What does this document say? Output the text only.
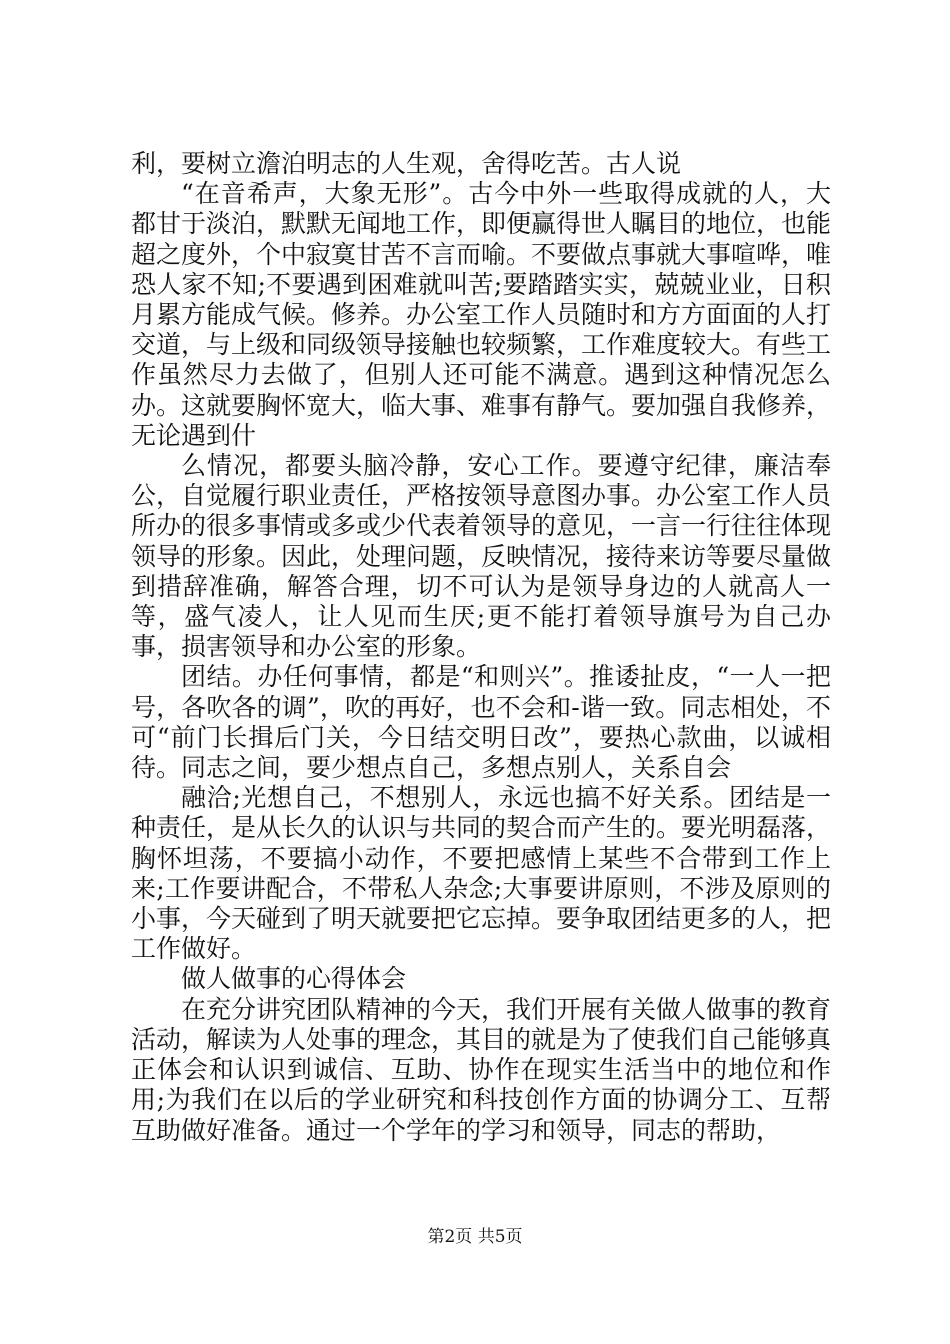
利，要树立澹泊明志的人生观，舍得吃苦。古人说

“在音希声，大象无形”。古今中外一些取得成就的人，大都甘于淡泊，默默无闻地工作，即便赢得世人瞩目的地位，也能超之度外，个中寂寞甘苦不言而喻。不要做点事就大事喧哗，唯恐人家不知;不要遇到困难就叫苦;要踏踏实实，兢兢业业，日积月累方能成气候。修养。办公室工作人员随时和方方面面的人打交道，与上级和同级领导接触也较频繁，工作难度较大。有些工作虽然尽力去做了，但别人还可能不满意。遇到这种情况怎么办。这就要胸怀宽大，临大事、难事有静气。要加强自我修养，无论遇到什

么情况，都要头脑冷静，安心工作。要遵守纪律，廉洁奉公，自觉履行职业责任，严格按领导意图办事。办公室工作人员所办的很多事情或多或少代表着领导的意见，一言一行往往体现领导的形象。因此，处理问题，反映情况，接待来访等要尽量做到措辞准确，解答合理，切不可认为是领导身边的人就高人一等，盛气凌人，让人见而生厌;更不能打着领导旗号为自己办事，损害领导和办公室的形象。

团结。办任何事情，都是“和则兴”。推诿扯皮，“一人一把号，各吹各的调”，吹的再好，也不会和-谐一致。同志相处，不可“前门长揖后门关，今日结交明日改”，要热心款曲，以诚相待。同志之间，要少想点自己，多想点别人，关系自会

融洽;光想自己，不想别人，永远也搞不好关系。团结是一种责任，是从长久的认识与共同的契合而产生的。要光明磊落，胸怀坦荡，不要搞小动作，不要把感情上某些不合带到工作上来;工作要讲配合，不带私人杂念;大事要讲原则，不涉及原则的小事，今天碰到了明天就要把它忘掉。要争取团结更多的人，把工作做好。

做人做事的心得体会

在充分讲究团队精神的今天，我们开展有关做人做事的教育活动，解读为人处事的理念，其目的就是为了使我们自己能够真正体会和认识到诚信、互助、协作在现实生活当中的地位和作用;为我们在以后的学业研究和科技创作方面的协调分工、互帮互助做好准备。通过一个学年的学习和领导，同志的帮助，

第2页 共5页
